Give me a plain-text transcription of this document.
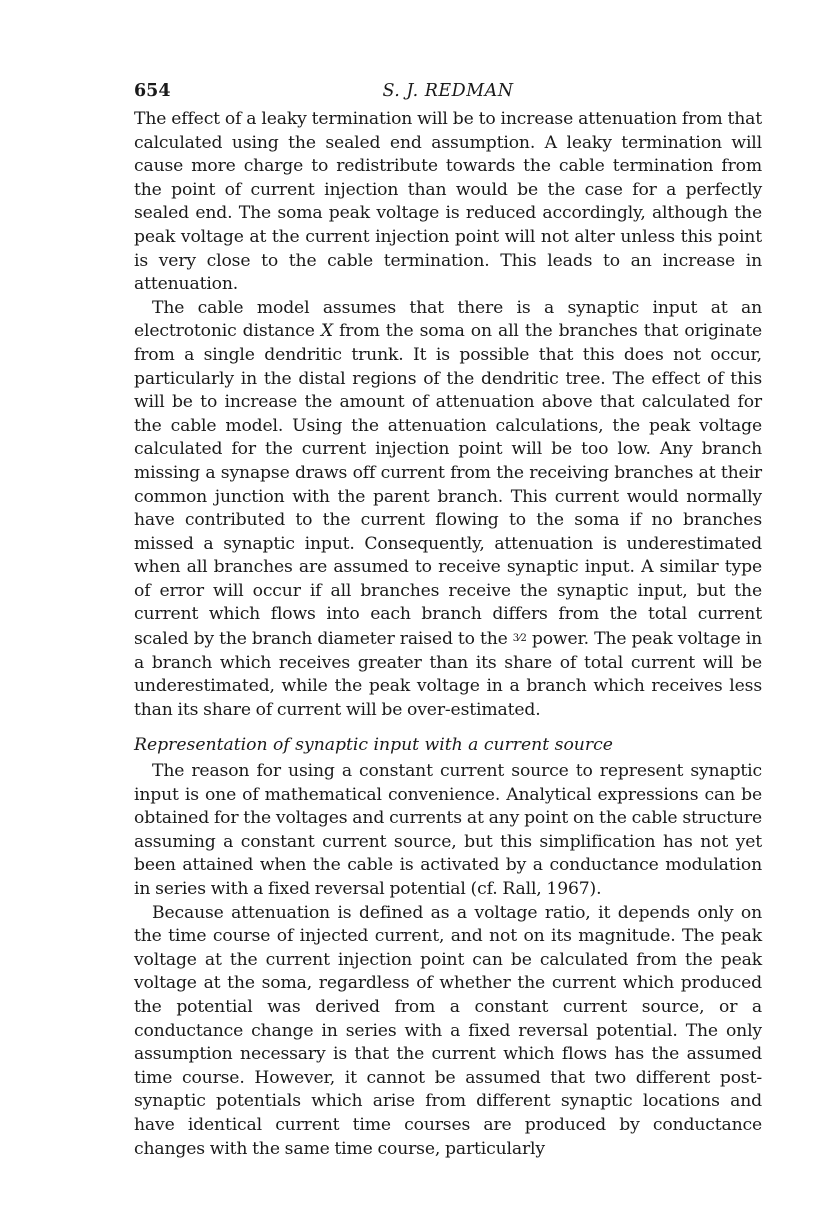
654	S. J. REDMAN

The effect of a leaky termination will be to increase attenuation from that calculated using the sealed end assumption. A leaky termination will cause more charge to redistribute towards the cable termination from the point of current injection than would be the case for a perfectly sealed end. The soma peak voltage is reduced accordingly, although the peak voltage at the current injection point will not alter unless this point is very close to the cable termination. This leads to an increase in attenuation.

The cable model assumes that there is a synaptic input at an electrotonic distance X from the soma on all the branches that originate from a single dendritic trunk. It is possible that this does not occur, particularly in the distal regions of the dendritic tree. The effect of this will be to increase the amount of attenuation above that calculated for the cable model. Using the attenuation calculations, the peak voltage calculated for the current injection point will be too low. Any branch missing a synapse draws off current from the receiving branches at their common junction with the parent branch. This current would normally have contributed to the current flowing to the soma if no branches missed a synaptic input. Consequently, attenuation is underestimated when all branches are assumed to receive synaptic input. A similar type of error will occur if all branches receive the synaptic input, but the current which flows into each branch differs from the total current scaled by the branch diameter raised to the 3⁄2 power. The peak voltage in a branch which receives greater than its share of total current will be underestimated, while the peak voltage in a branch which receives less than its share of current will be over-estimated.

Representation of synaptic input with a current source

The reason for using a constant current source to represent synaptic input is one of mathematical convenience. Analytical expressions can be obtained for the voltages and currents at any point on the cable structure assuming a constant current source, but this simplification has not yet been attained when the cable is activated by a conductance modulation in series with a fixed reversal potential (cf. Rall, 1967).

Because attenuation is defined as a voltage ratio, it depends only on the time course of injected current, and not on its magnitude. The peak voltage at the current injection point can be calculated from the peak voltage at the soma, regardless of whether the current which produced the potential was derived from a constant current source, or a conductance change in series with a fixed reversal potential. The only assumption necessary is that the current which flows has the assumed time course. However, it cannot be assumed that two different post-synaptic potentials which arise from different synaptic locations and have identical current time courses are produced by conductance changes with the same time course, particularly
